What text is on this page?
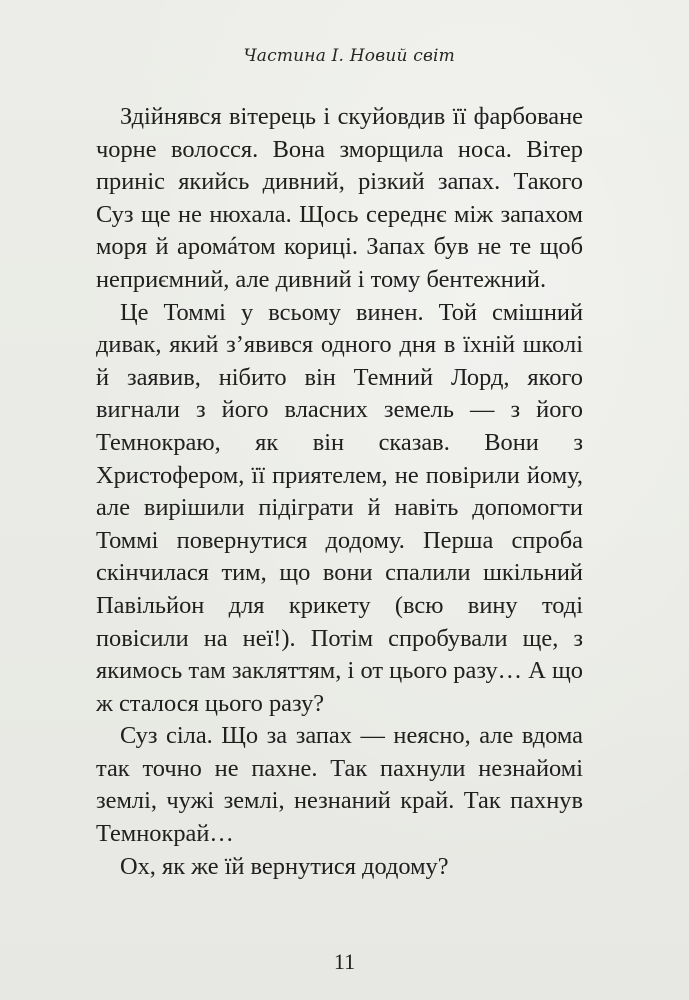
Частина I. Новий світ

Здійнявся вітерець і скуйовдив її фарбоване чорне волосся. Вона зморщила носа. Вітер приніс якийсь дивний, різкий запах. Такого Суз ще не нюхала. Щось середнє між запахом моря й аромáтом кориці. Запах був не те щоб неприємний, але дивний і тому бентежний.

Це Томмі у всьому винен. Той смішний дивак, який з’явився одного дня в їхній школі й заявив, нібито він Темний Лорд, якого вигнали з його власних земель — з його Темнокраю, як він сказав. Вони з Христофером, її приятелем, не повірили йому, але вирішили підіграти й навіть допомогти Томмі повернутися додому. Перша спроба скінчилася тим, що вони спалили шкільний Павільйон для крикету (всю вину тоді повісили на неї!). Потім спробували ще, з якимось там закляттям, і от цього разу… А що ж сталося цього разу?

Суз сіла. Що за запах — неясно, але вдома так точно не пахне. Так пахнули незнайомі землі, чужі землі, незнаний край. Так пахнув Темнокрай…

Ох, як же їй вернутися додому?

11
